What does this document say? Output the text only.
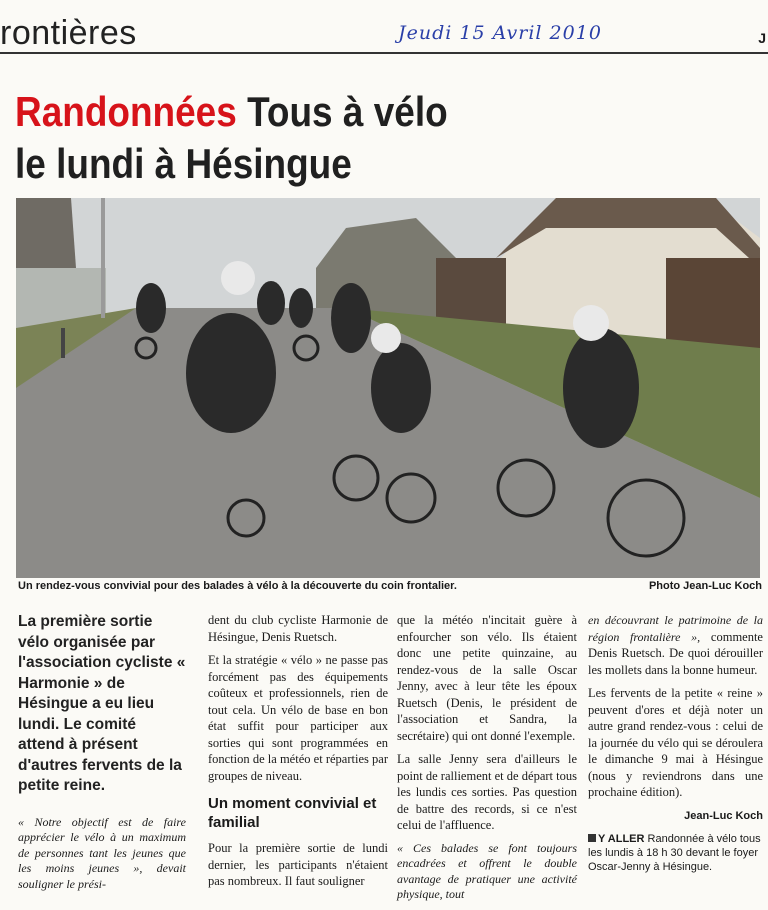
rontières	Jeudi 15 Avril 2010	J
Randonnées Tous à vélo
le lundi à Hésingue
Un rendez-vous convivial pour des balades à vélo à la découverte du coin frontalier.	Photo Jean-Luc Koch
La première sortie vélo organisée par l'association cycliste « Harmonie » de Hésingue a eu lieu lundi. Le comité attend à présent d'autres fervents de la petite reine.

« Notre objectif est de faire apprécier le vélo à un maximum de personnes tant les jeunes que les moins jeunes », devait souligner le prési-

dent du club cycliste Harmonie de Hésingue, Denis Ruetsch.

Et la stratégie « vélo » ne passe pas forcément pas des équipements coûteux et professionnels, rien de tout cela. Un vélo de base en bon état suffit pour participer aux sorties qui sont programmées en fonction de la météo et réparties par groupes de niveau.

Un moment convivial et familial

Pour la première sortie de lundi dernier, les participants n'étaient pas nombreux. Il faut souligner

que la météo n'incitait guère à enfourcher son vélo. Ils étaient donc une petite quinzaine, au rendez-vous de la salle Oscar Jenny, avec à leur tête les époux Ruetsch (Denis, le président de l'association et Sandra, la secrétaire) qui ont donné l'exemple.

La salle Jenny sera d'ailleurs le point de ralliement et de départ tous les lundis ces sorties. Pas question de battre des records, si ce n'est celui de l'affluence.

« Ces balades se font toujours encadrées et offrent le double avantage de pratiquer une activité physique, tout

en découvrant le patrimoine de la région frontalière », commente Denis Ruetsch. De quoi dérouiller les mollets dans la bonne humeur.

Les fervents de la petite « reine » peuvent d'ores et déjà noter un autre grand rendez-vous : celui de la journée du vélo qui se déroulera le dimanche 9 mai à Hésingue (nous y reviendrons dans une prochaine édition).

Jean-Luc Koch
Y ALLER Randonnée à vélo tous les lundis à 18 h 30 devant le foyer Oscar-Jenny à Hésingue.
